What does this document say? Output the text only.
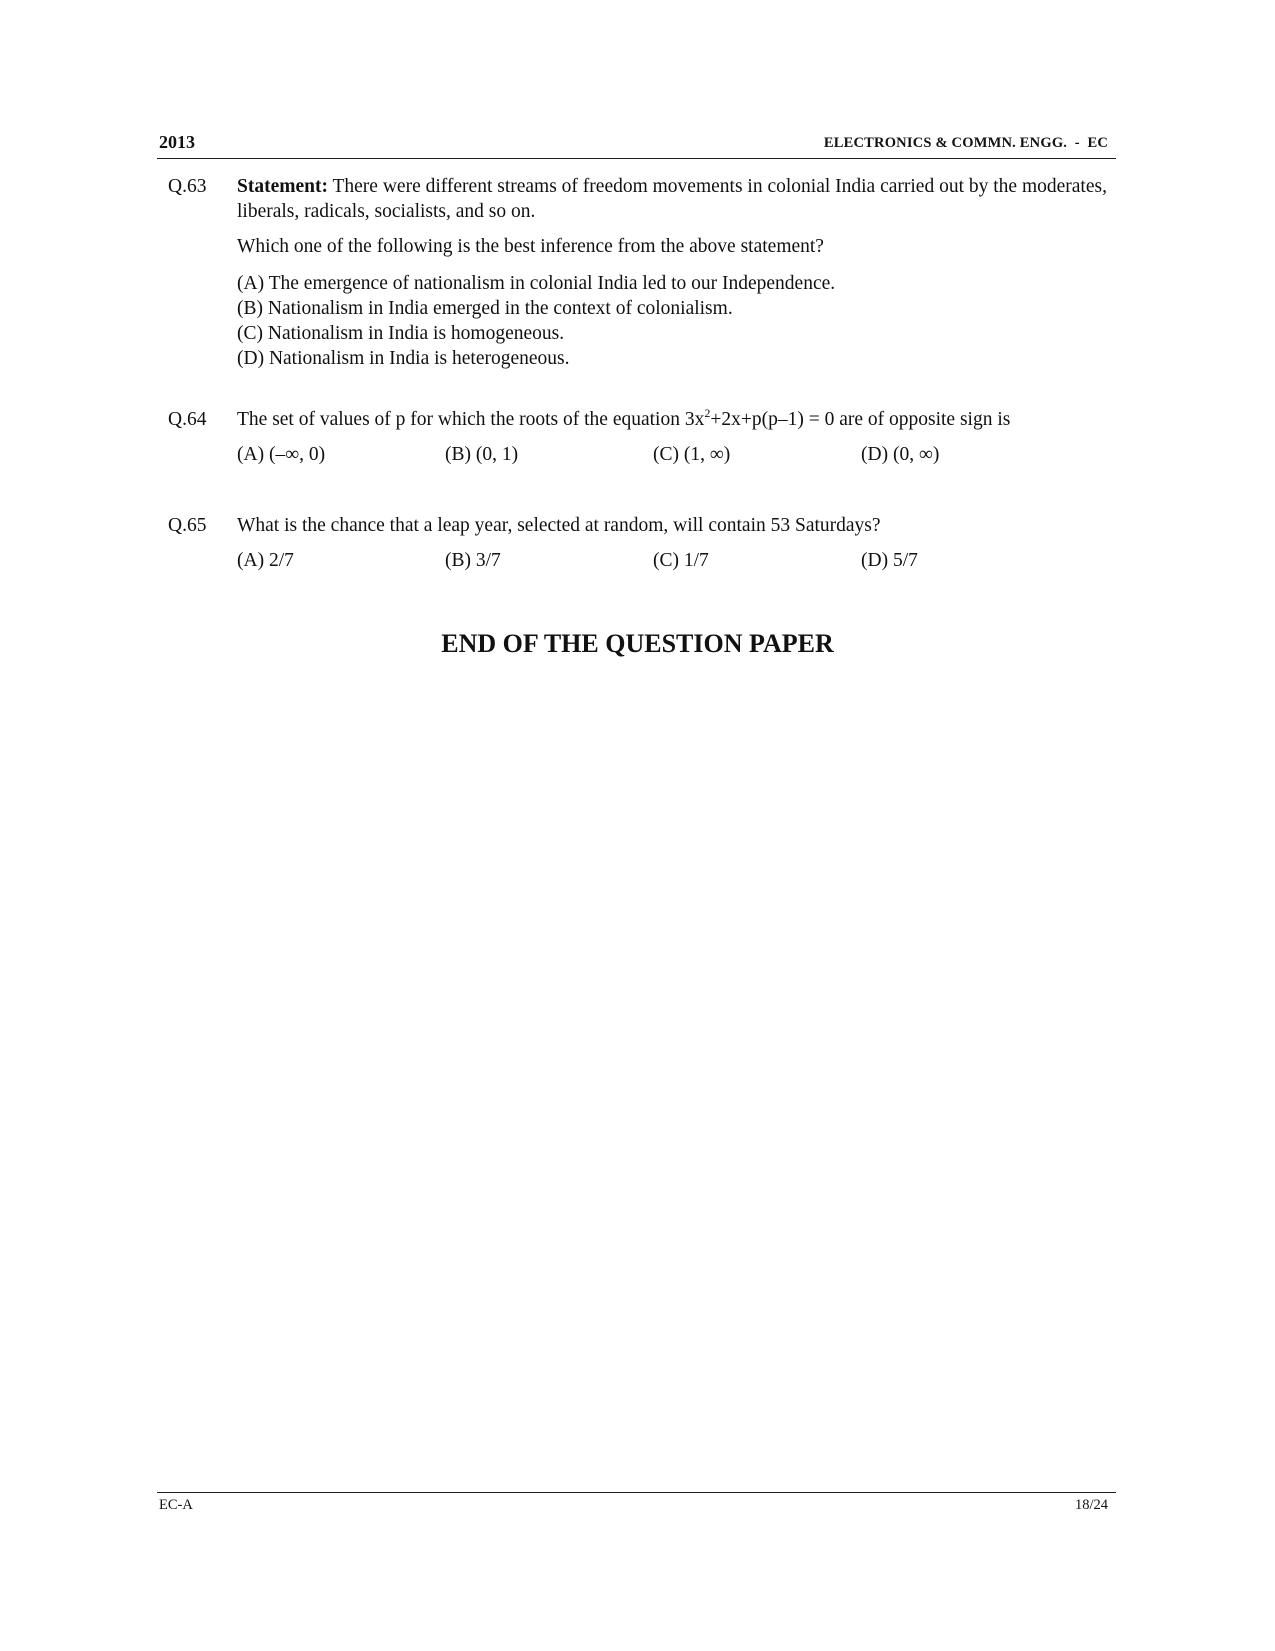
2013	ELECTRONICS & COMMN. ENGG.  -  EC
Q.63 Statement: There were different streams of freedom movements in colonial India carried out by the moderates, liberals, radicals, socialists, and so on.

Which one of the following is the best inference from the above statement?

(A) The emergence of nationalism in colonial India led to our Independence.
(B) Nationalism in India emerged in the context of colonialism.
(C) Nationalism in India is homogeneous.
(D) Nationalism in India is heterogeneous.
Q.64 The set of values of p for which the roots of the equation $3x^2+2x+p(p-1) = 0$ are of opposite sign is

(A) (–∞, 0)	(B) (0, 1)	(C) (1, ∞)	(D) (0, ∞)
Q.65 What is the chance that a leap year, selected at random, will contain 53 Saturdays?

(A) 2/7	(B) 3/7	(C) 1/7	(D) 5/7
END OF THE QUESTION PAPER
EC-A	18/24
